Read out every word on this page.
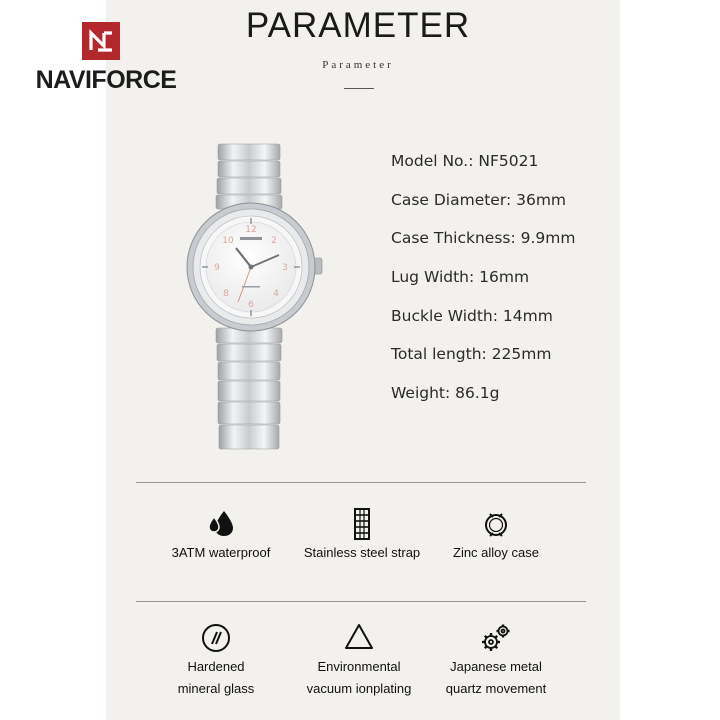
NAVIFORCE
PARAMETER
Parameter
12
3
6
9
2
10
4
8
Model No.: NF5021
Case Diameter: 36mm
Case Thickness: 9.9mm
Lug Width: 16mm
Buckle Width: 14mm
Total length: 225mm
Weight: 86.1g
3ATM waterproof	Stainless steel strap	Zinc alloy case
Hardened
mineral glass
Environmental
vacuum ionplating
Japanese metal
quartz movement
